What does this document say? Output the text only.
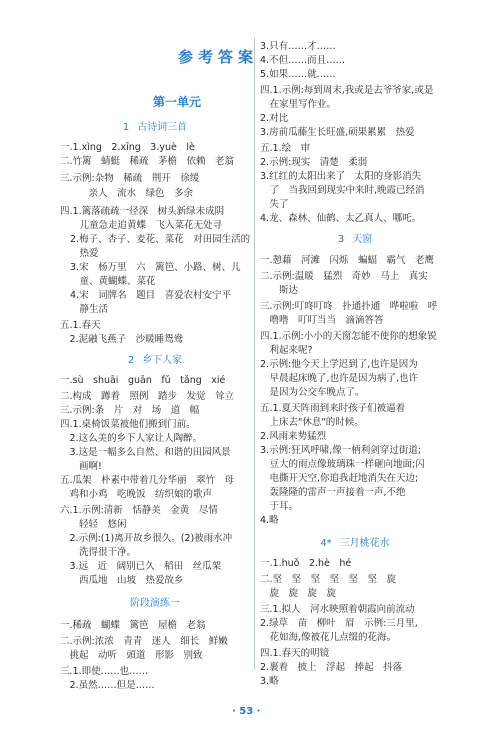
参考答案
第一单元
1 古诗词三首
一.1.xìng　2.xīng　3.yuè　lè
二.竹篱　蜻蜓　稀疏　茅檐　依赖　老翁
三.示例:杂物　稀疏　荆开　徐缓
　　　亲人　流水　绿色　多余
四.1.篱落疏疏一径深　树头新绿未成阴
　儿童急走追黄蝶　飞入菜花无处寻
2.梅子、杏子、麦花、菜花　对田园生活的
　热爱
3.宋　杨万里　六　篱笆、小路、树、儿
　童、黄蝴蝶、菜花
4.宋　词牌名　题目　喜爱农村安宁平
　静生活
五.1.春天
　2.泥融飞燕子　沙暖睡鸳鸯
2 乡下人家
一.sù　shuāi　guān　fǔ　tǎng　xié
二.构成　蹲着　照例　踏步　发觉　耸立
三.示例:条　片　对　场　道　幅
四.1.桌椅饭菜被他们搬到门前。
　2.这么美的乡下人家让人陶醉。
　3.这是一幅多么自然、和谐的田园风景
　　画啊!
五.瓜架　朴素中带着几分华丽　翠竹　母
　鸡和小鸡　吃晚饭　纺织娘的歌声
六.1.示例:清新　恬静美　金黄　尽情
　　轻轻　悠闲
　2.示例:(1)离开故乡很久。(2)被雨水冲
　　洗得很干净。
　3.远　近　阔别已久　稻田　丝瓜架
　　西瓜地　山坡　热爱故乡
阶段演练一
一.稀疏　蝴蝶　篱笆　屋檐　老翁
二.示例:浓浓　青青　迷人　细长　鲜嫩
　挑起　动听　頭道　形影　别致
三.1.即使……也……
　2.虽然……但是……
3.只有……才……
4.不但……而且……
5.如果……就……
四.1.示例:每到周末,我或是去爷爷家,或是
　在家里写作业。
2.对比
3.房前瓜藤生长旺盛,硕果累累　热爱
五.1.绘　审
2.示例:现实　清楚　柔弱
3.红红的太阳出来了　太阳的身影消失
　了　当我回到现实中来时,晚霞已经消
　失了
4.龙、森林、仙鹤、太乙真人、哪吒。
3 天窗
一.憩藉　河滩　闪烁　蝙蝠　霸气　老鹰
二.示例:温暖　猛烈　奇妙　马上　真实
　　斯达
三.示例:叮咚叮咚　扑通扑通　哗啦啦　呼
　噜噜　叮叮当当　滴滴答答
四.1.示例:小小的天窗怎能不使你的想象锐
　利起来呢?
2.示例:他今天上学迟到了,也许是因为
　早晨起床晚了,也许是因为病了,也许
　是因为公交车晚点了。
五.1.夏天阵雨到来时孩子们被逼着
　上床去"休息"的时候。
2.风雨来势猛烈
3.示例:狂风呼啸,像一柄利剑穿过街道;
　豆大的雨点像玻璃珠一样砸向地面;闪
　电撕开天空,你追我赶地消失在天边;
　轰隆隆的雷声一声接着一声,不绝
　于耳。
4.略
4* 三月桃花水
一.1.huǒ　2.hè　hé
二.坚　坚　坚　坚　坚　坚　旋
　旋　旋　旋　旋
三.1.拟人　河水映照着朝霞向前流动
2.绿草　苗　柳叶　眉　示例:三月里,
　花如海,像被花儿点缀的花海。
四.1.春天的明镜
2.裹着　披上　浮起　捧起　抖落
3.略
· 53 ·
